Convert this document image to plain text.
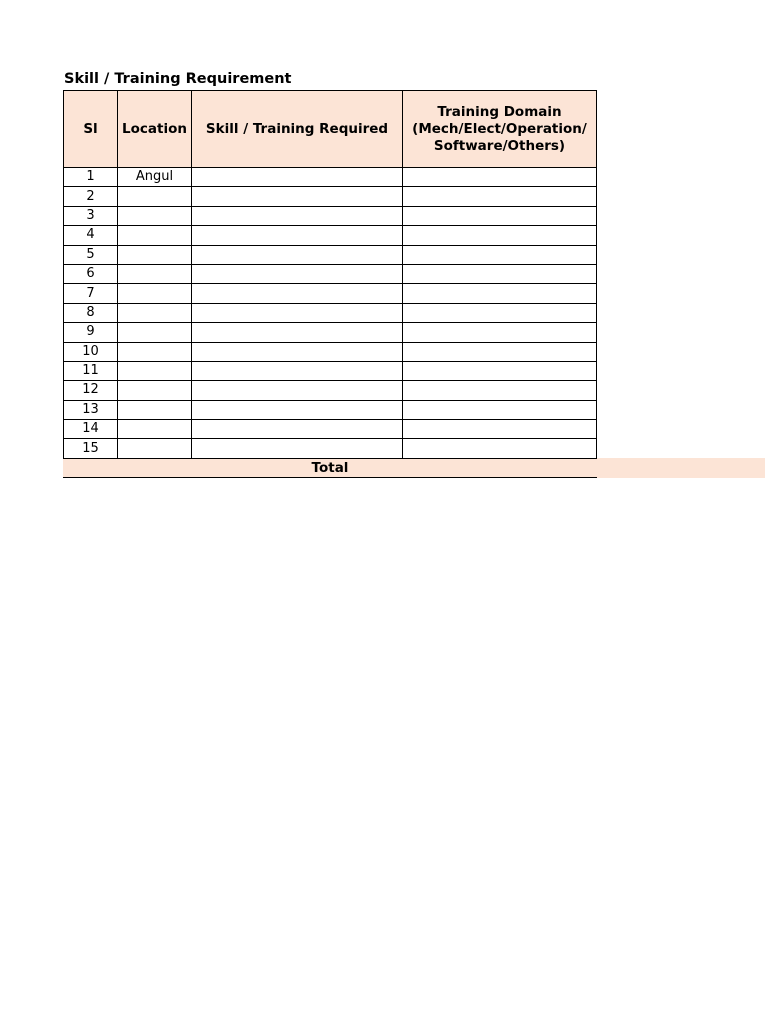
Skill / Training Requirement
Sl	Location	Skill / Training Required	Training Domain (Mech/Elect/Operation/ Software/Others)
1	Angul		
2			
3			
4			
5			
6			
7			
8			
9			
10			
11			
12			
13			
14			
15			
Total			
